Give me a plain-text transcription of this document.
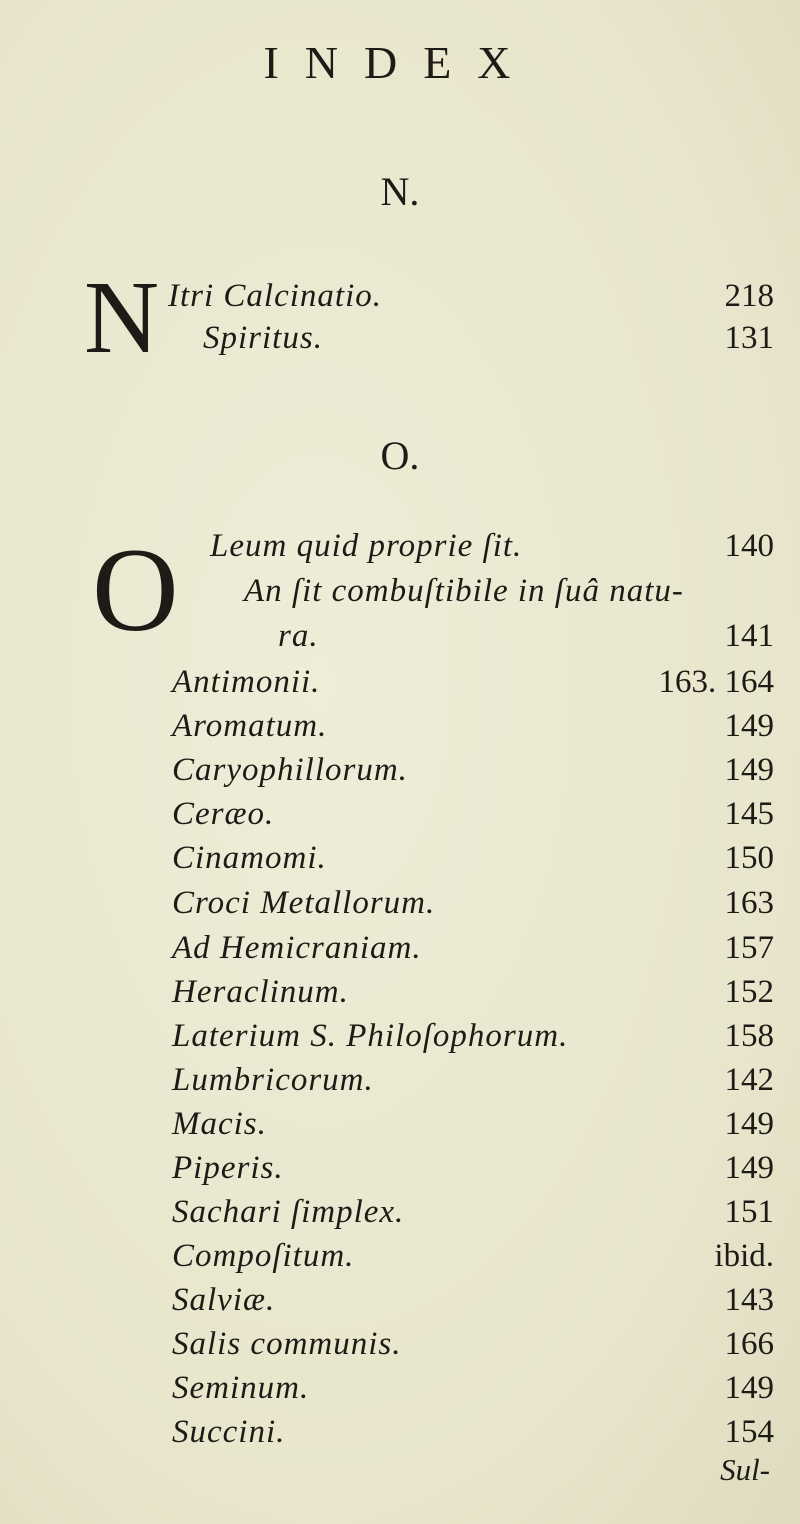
INDEX
N.
N Itri Calcinatio.	218
Spiritus.	131
O.
O Leum quid proprie ſit.	140
An ſit combuſtibile in ſuâ natu-
ra.	141
Antimonii.	163. 164
Aromatum.	149
Caryophillorum.	149
Ceræo.	145
Cinamomi.	150
Croci Metallorum.	163
Ad Hemicraniam.	157
Heraclinum.	152
Laterium S. Philoſophorum.	158
Lumbricorum.	142
Macis.	149
Piperis.	149
Sachari ſimplex.	151
Compoſitum.	ibid.
Salviæ.	143
Salis communis.	166
Seminum.	149
Succini.	154
Sul-
